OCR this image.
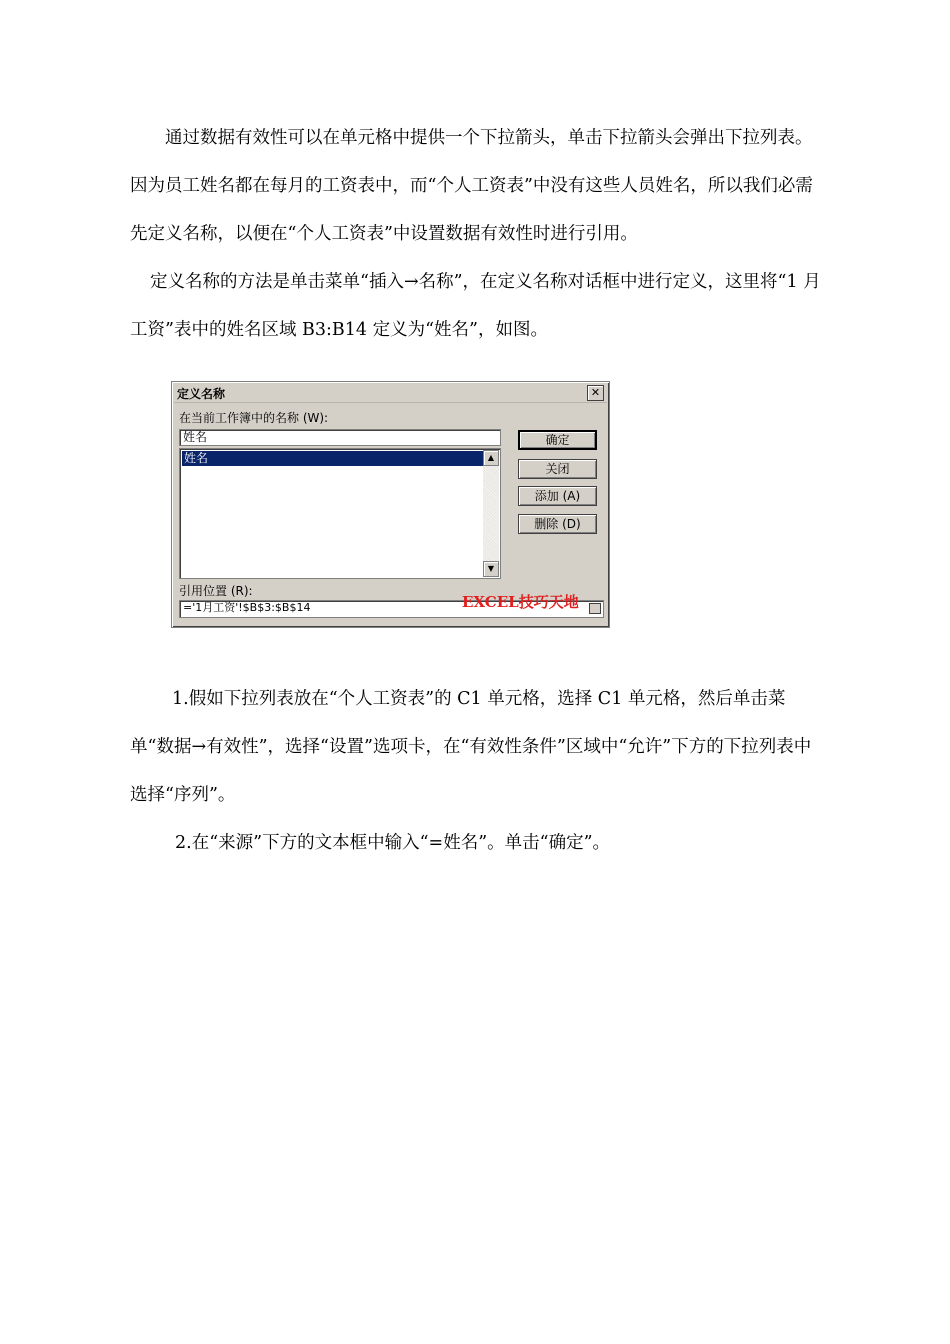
通过数据有效性可以在单元格中提供一个下拉箭头，单击下拉箭头会弹出下拉列表。因为员工姓名都在每月的工资表中，而“个人工资表”中没有这些人员姓名，所以我们必需先定义名称，以便在“个人工资表”中设置数据有效性时进行引用。

定义名称的方法是单击菜单“插入→名称”，在定义名称对话框中进行定义，这里将“1 月工资”表中的姓名区域 B3:B14 定义为“姓名”，如图。

定义名称	✕
在当前工作簿中的名称 (W):
姓名
姓名	▲
▼
确定
关闭
添加 (A)
删除 (D)
引用位置 (R):
='1月工资'!$B$3:$B$14	EXCEL技巧天地

1.假如下拉列表放在“个人工资表”的 C1 单元格，选择 C1 单元格，然后单击菜单“数据→有效性”，选择“设置”选项卡，在“有效性条件”区域中“允许”下方的下拉列表中选择“序列”。

2.在“来源”下方的文本框中输入“=姓名”。单击“确定”。
